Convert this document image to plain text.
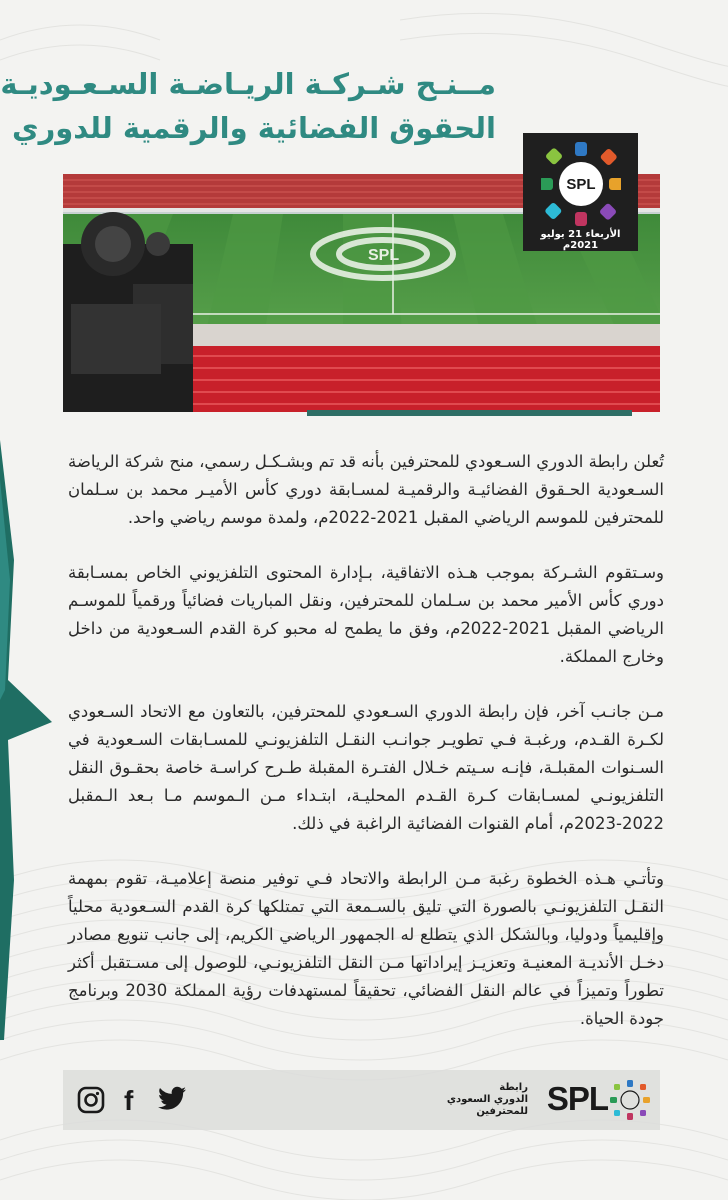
مــنـح شـركـة الريـاضـة السـعـوديـة
الحقوق الفضائية والرقمية للدوري
SPL
SPL
الأربعاء 21 يوليو 2021م

تُعلن رابطة الدوري السـعودي للمحترفين بأنه قد تم وبشـكـل رسمي، منح شركة الرياضة السـعودية الحـقوق الفضائيـة والرقميـة لمسـابقة دوري كأس الأميـر محمد بن سـلمان للمحترفين للموسم الرياضي المقبل 2021-2022م، ولمدة موسم رياضي واحد.

وسـتقوم الشـركة بموجب هـذه الاتفاقية، بـإدارة المحتوى التلفزيوني الخاص بمسـابقة دوري كأس الأمير محمد بن سـلمان للمحترفين، ونقل المباريات فضائياً ورقمياً للموسـم الرياضي المقبل 2021-2022م، وفق ما يطمح له محبو كرة القدم السـعودية من داخل وخارج المملكة.

مـن جانـب آخر، فإن رابطة الدوري السـعودي للمحترفين، بالتعاون مع الاتحاد السـعودي لكـرة القـدم، ورغبـة فـي تطويـر جوانـب النقـل التلفزيونـي للمسـابقات السـعودية في السـنوات المقبلـة، فإنـه سـيتم خـلال الفتـرة المقبلة طـرح كراسـة خاصة بحقـوق النقل التلفزيونـي لمسـابقات كـرة القـدم المحليـة، ابتـداء مـن الـموسم مـا بـعد الـمقبل 2022-2023م، أمام القنوات الفضائية الراغبة في ذلك.

وتأتـي هـذه الخطوة رغبة مـن الرابطة والاتحاد فـي توفير منصة إعلاميـة، تقوم بمهمة النقـل التلفزيونـي بالصورة التي تليق بالسـمعة التي تمتلكها كرة القدم السـعودية محلياً وإقليمياً ودوليا، وبالشكل الذي يتطلع له الجمهور الرياضي الكريم، إلى جانب تنويع مصادر دخـل الأنديـة المعنيـة وتعزيـز إيراداتها مـن النقل التلفزيونـي، للوصول إلى مسـتقبل أكثر تطوراً وتميزاً في عالم النقل الفضائي، تحقيقاً لمستهدفات رؤية المملكة 2030 وبرنامج جودة الحياة.

f	رابطة
الدوري السعودي
للمحترفين SPL
